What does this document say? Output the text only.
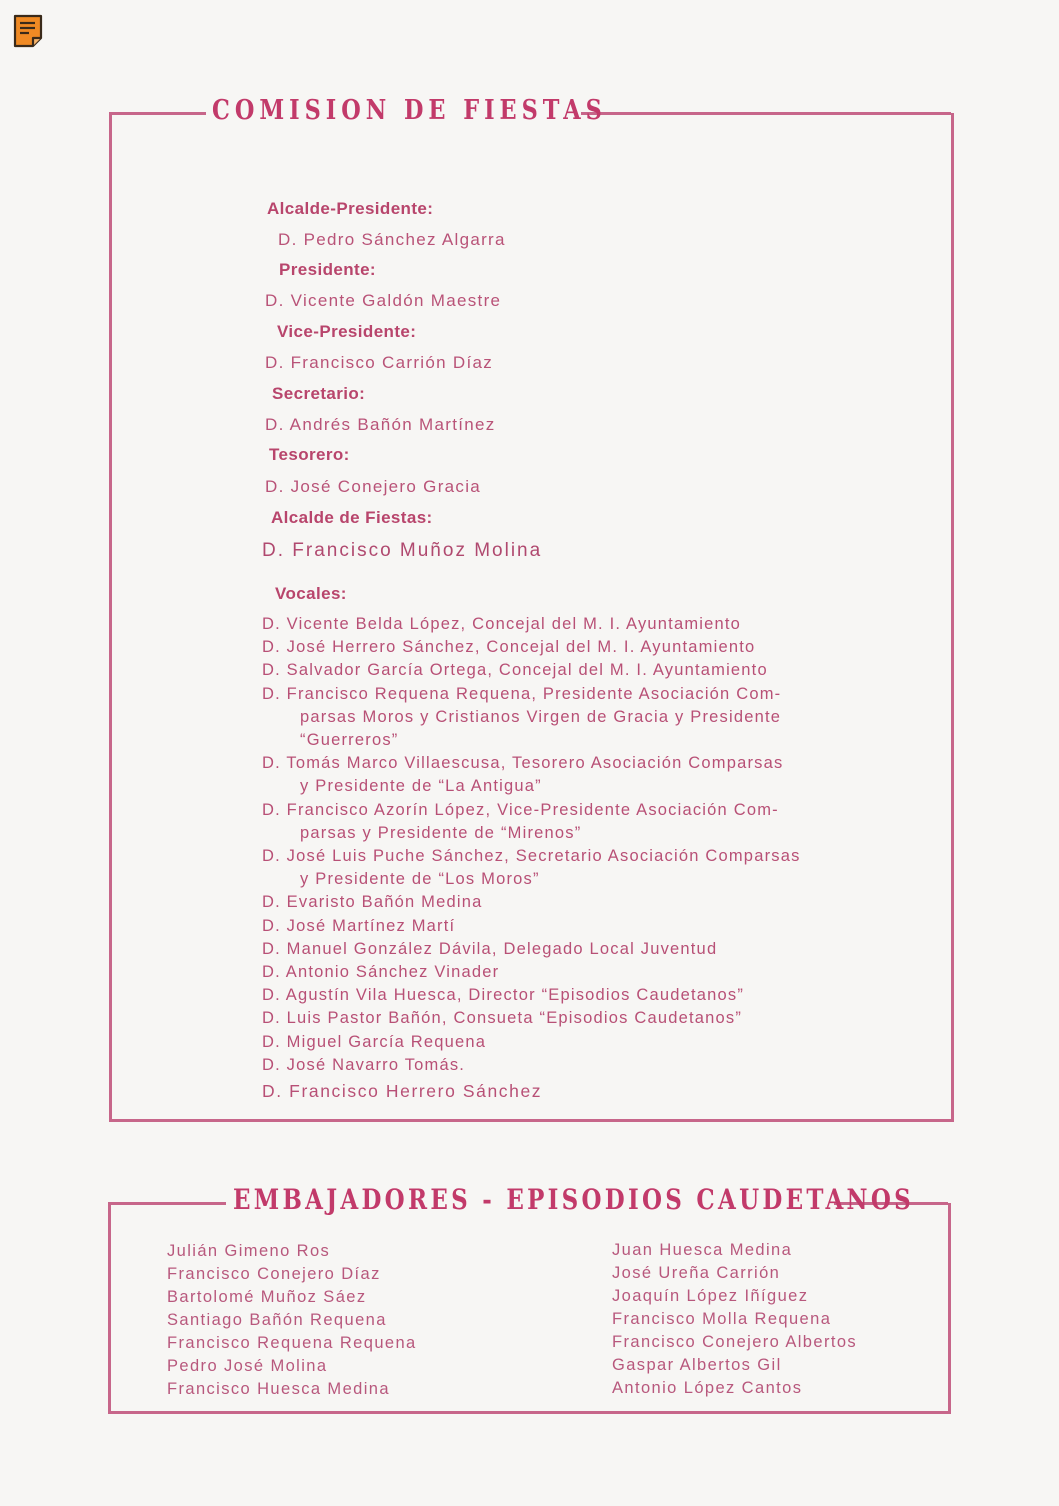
COMISION DE FIESTAS

Alcalde-Presidente:

D. Pedro Sánchez Algarra

Presidente:

D. Vicente Galdón Maestre

Vice-Presidente:

D. Francisco Carrión Díaz

Secretario:

D. Andrés Bañón Martínez

Tesorero:

D. José Conejero Gracia

Alcalde de Fiestas:

D. Francisco Muñoz Molina

Vocales:

D. Vicente Belda López, Concejal del M. I. Ayuntamiento
D. José Herrero Sánchez, Concejal del M. I. Ayuntamiento
D. Salvador García Ortega, Concejal del M. I. Ayuntamiento
D. Francisco Requena Requena, Presidente Asociación Com-
parsas Moros y Cristianos Virgen de Gracia y Presidente
“Guerreros”
D. Tomás Marco Villaescusa, Tesorero Asociación Comparsas
y Presidente de “La Antigua”
D. Francisco Azorín López, Vice-Presidente Asociación Com-
parsas y Presidente de “Mirenos”
D. José Luis Puche Sánchez, Secretario Asociación Comparsas
y Presidente de “Los Moros”
D. Evaristo Bañón Medina
D. José Martínez Martí
D. Manuel González Dávila, Delegado Local Juventud
D. Antonio Sánchez Vinader
D. Agustín Vila Huesca, Director “Episodios Caudetanos”
D. Luis Pastor Bañón, Consueta “Episodios Caudetanos”
D. Miguel García Requena
D. José Navarro Tomás.
D. Francisco Herrero Sánchez
EMBAJADORES - EPISODIOS CAUDETANOS
Julián Gimeno Ros
Francisco Conejero Díaz
Bartolomé Muñoz Sáez
Santiago Bañón Requena
Francisco Requena Requena
Pedro José Molina
Francisco Huesca Medina
Juan Huesca Medina
José Ureña Carrión
Joaquín López Iñíguez
Francisco Molla Requena
Francisco Conejero Albertos
Gaspar Albertos Gil
Antonio López Cantos
